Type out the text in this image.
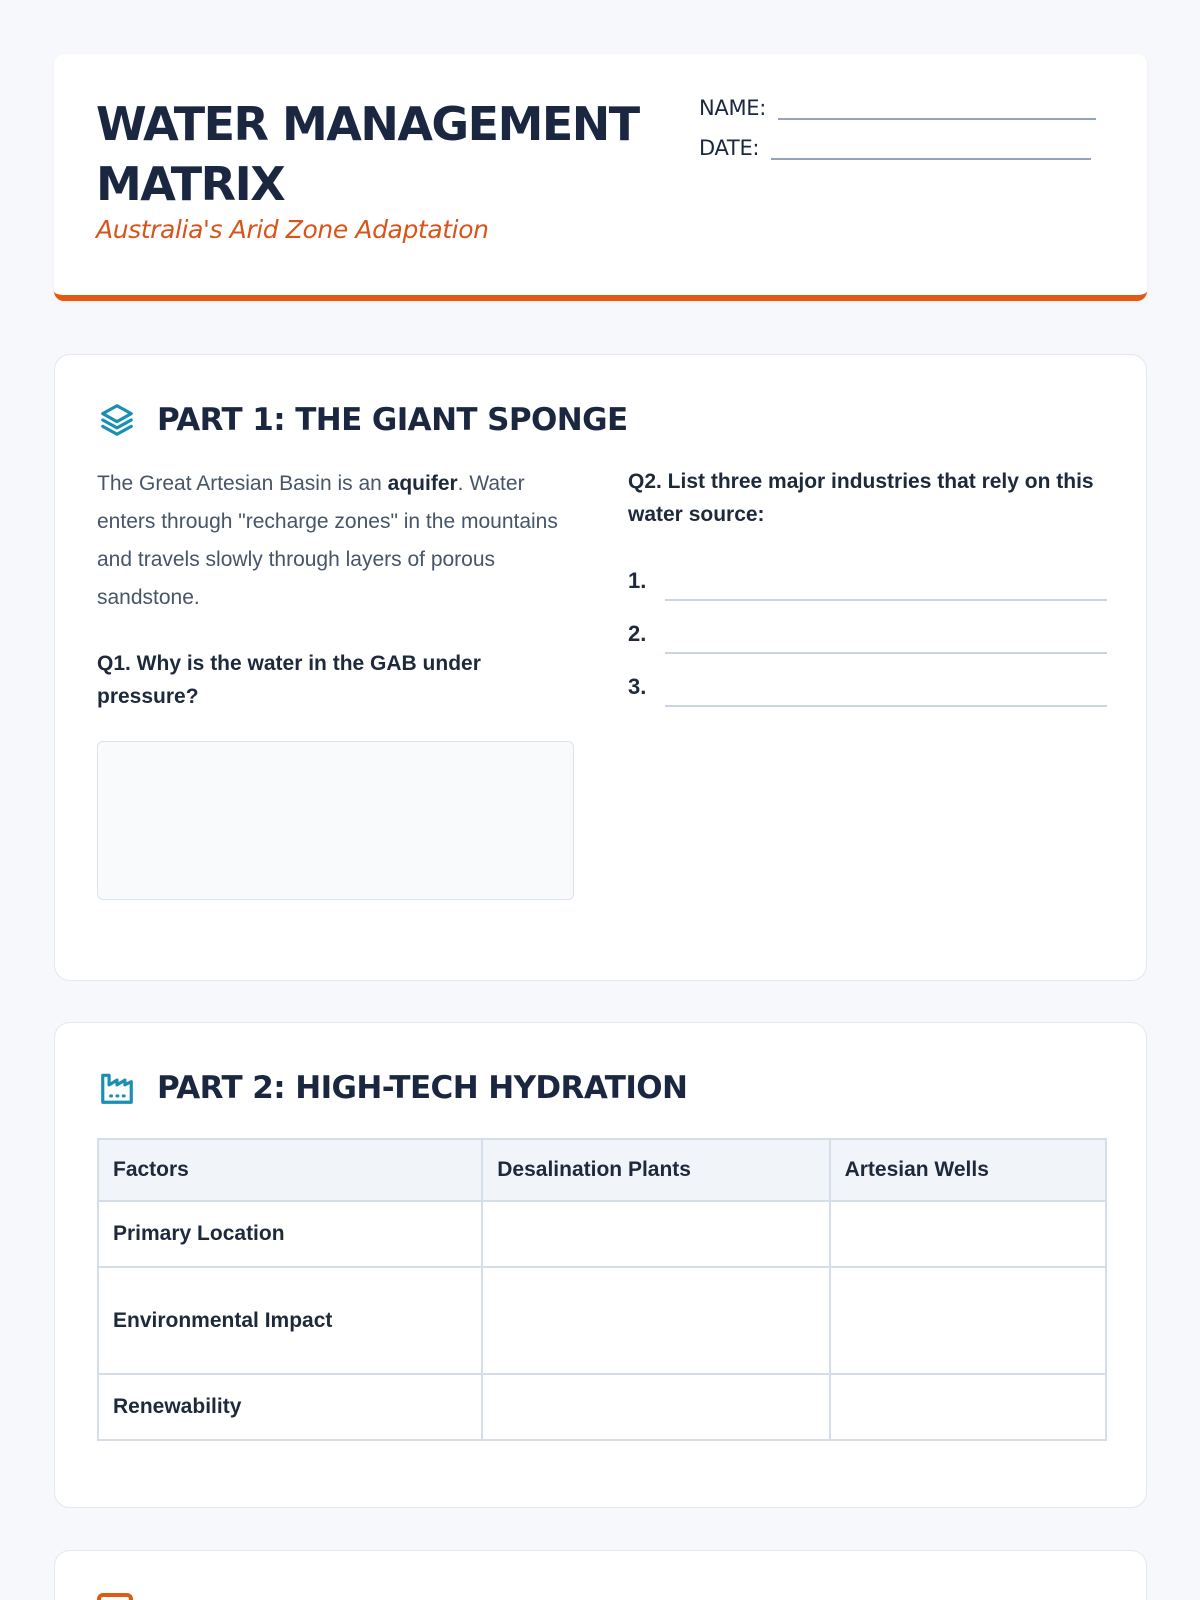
WATER MANAGEMENT MATRIX
Australia's Arid Zone Adaptation
NAME:
DATE:
PART 1: THE GIANT SPONGE

The Great Artesian Basin is an aquifer. Water enters through "recharge zones" in the mountains and travels slowly through layers of porous sandstone.

Q1. Why is the water in the GAB under pressure?

Q2. List three major industries that rely on this water source:

1.
2.
3.
PART 2: HIGH-TECH HYDRATION
Factors	Desalination Plants	Artesian Wells
Primary Location		
Environmental Impact		
Renewability		
